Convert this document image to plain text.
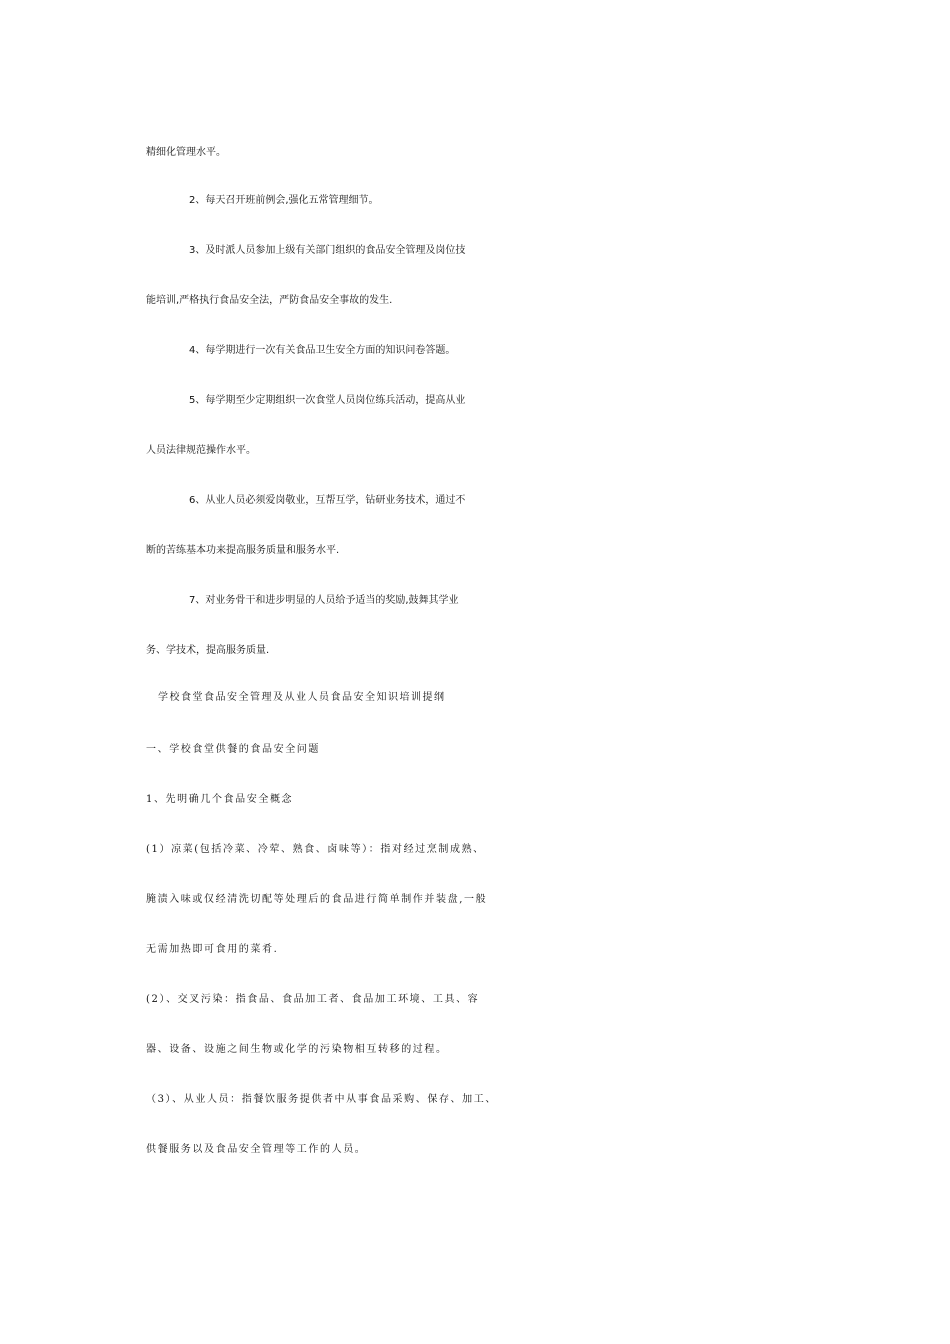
精细化管理水平。
2、每天召开班前例会,强化五常管理细节。
3、及时派人员参加上级有关部门组织的食品安全管理及岗位技
能培训,严格执行食品安全法，严防食品安全事故的发生.
4、每学期进行一次有关食品卫生安全方面的知识问卷答题。
5、每学期至少定期组织一次食堂人员岗位练兵活动，提高从业
人员法律规范操作水平。
6、从业人员必须爱岗敬业，互帮互学，钻研业务技术，通过不
断的苦练基本功来提高服务质量和服务水平.
7、对业务骨干和进步明显的人员给予适当的奖励,鼓舞其学业
务、学技术，提高服务质量.
学校食堂食品安全管理及从业人员食品安全知识培训提纲
一、学校食堂供餐的食品安全问题
1、先明确几个食品安全概念
(1）凉菜(包括冷菜、冷荤、熟食、卤味等）：指对经过烹制成熟、
腌渍入味或仅经清洗切配等处理后的食品进行简单制作并装盘,一般
无需加热即可食用的菜肴.
(2）、交叉污染：指食品、食品加工者、食品加工环境、工具、容
器、设备、设施之间生物或化学的污染物相互转移的过程。
（3）、从业人员：指餐饮服务提供者中从事食品采购、保存、加工、
供餐服务以及食品安全管理等工作的人员。
